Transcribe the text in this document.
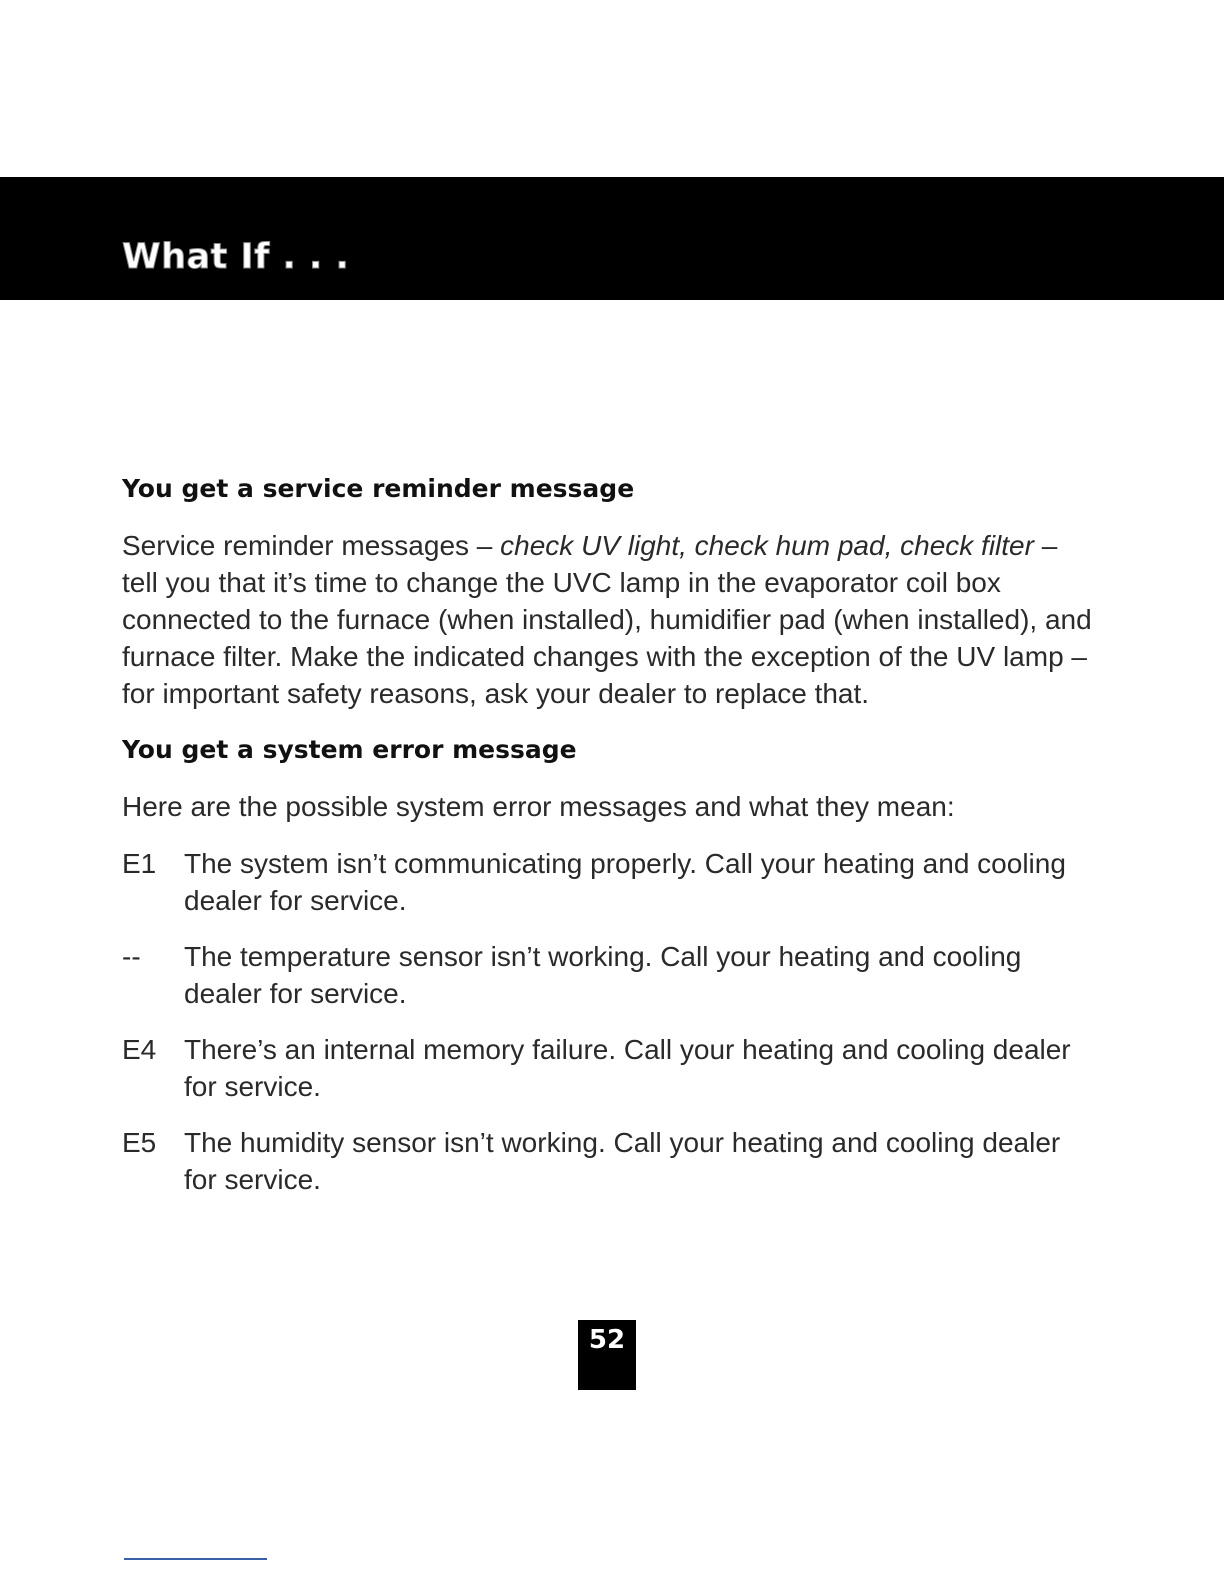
What If . . .

You get a service reminder message

Service reminder messages – check UV light, check hum pad, check filter – tell you that it’s time to change the UVC lamp in the evaporator coil box connected to the furnace (when installed), humidifier pad (when installed), and furnace filter. Make the indicated changes with the exception of the UV lamp – for important safety reasons, ask your dealer to replace that.

You get a system error message

Here are the possible system error messages and what they mean:

E1 The system isn’t communicating properly. Call your heating and cooling dealer for service.
--	The temperature sensor isn’t working. Call your heating and cooling dealer for service.
E4 There’s an internal memory failure. Call your heating and cooling dealer for service.
E5 The humidity sensor isn’t working. Call your heating and cooling dealer for service.
52
